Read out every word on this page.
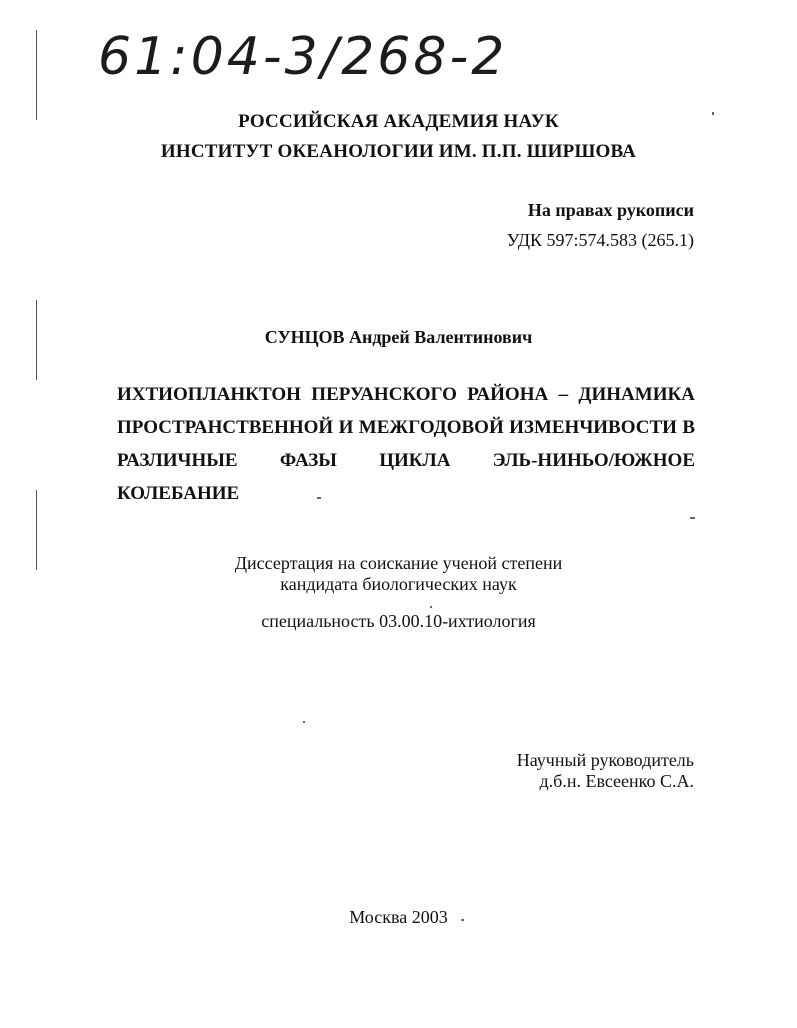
61:04-3/268-2
РОССИЙСКАЯ АКАДЕМИЯ НАУК
ИНСТИТУТ ОКЕАНОЛОГИИ ИМ. П.П. ШИРШОВА
На правах рукописи
УДК 597:574.583 (265.1)
СУНЦОВ Андрей Валентинович
ИХТИОПЛАНКТОН ПЕРУАНСКОГО РАЙОНА – ДИНАМИКА
ПРОСТРАНСТВЕННОЙ И МЕЖГОДОВОЙ ИЗМЕНЧИВОСТИ В
РАЗЛИЧНЫЕ ФАЗЫ ЦИКЛА ЭЛЬ-НИНЬО/ЮЖНОЕ КОЛЕБАНИЕ
Диссертация на соискание ученой степени
кандидата биологических наук
специальность 03.00.10-ихтиология
Научный руководитель
д.б.н. Евсеенко С.А.
Москва 2003
